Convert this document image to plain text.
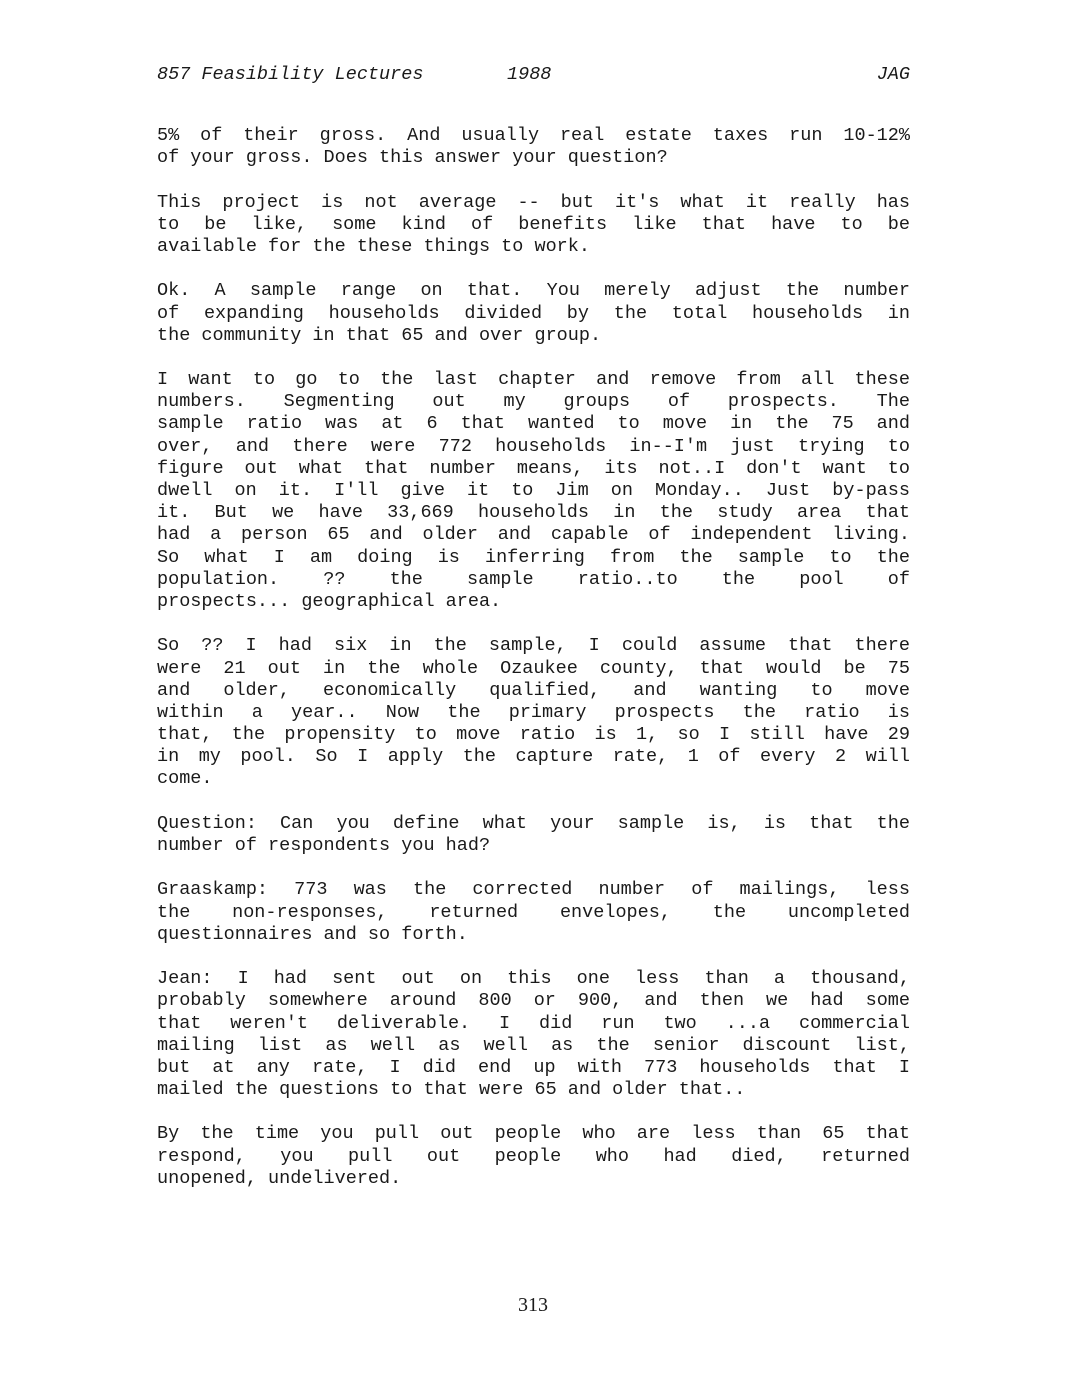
857 Feasibility Lectures	1988	JAG
5% of their gross. And usually real estate taxes run 10-12%
of your gross. Does this answer your question?
This project is not average -- but it's what it really has
to be like, some kind of benefits like that have to be
available for the these things to work.
Ok. A sample range on that. You merely adjust the number
of expanding households divided by the total households in
the community in that 65 and over group.
I want to go to the last chapter and remove from all these
numbers. Segmenting out my groups of prospects. The
sample ratio was at 6 that wanted to move in the 75 and
over, and there were 772 households in--I'm just trying to
figure out what that number means, its not..I don't want to
dwell on it. I'll give it to Jim on Monday.. Just by-pass
it. But we have 33,669 households in the study area that
had a person 65 and older and capable of independent living.
So what I am doing is inferring from the sample to the
population. ?? the sample ratio..to the pool of
prospects... geographical area.
So ?? I had six in the sample, I could assume that there
were 21 out in the whole Ozaukee county, that would be 75
and older, economically qualified, and wanting to move
within a year.. Now the primary prospects the ratio is
that, the propensity to move ratio is 1, so I still have 29
in my pool. So I apply the capture rate, 1 of every 2 will
come.
Question: Can you define what your sample is, is that the
number of respondents you had?
Graaskamp: 773 was the corrected number of mailings, less
the non-responses, returned envelopes, the uncompleted
questionnaires and so forth.
Jean: I had sent out on this one less than a thousand,
probably somewhere around 800 or 900, and then we had some
that weren't deliverable. I did run two ...a commercial
mailing list as well as well as the senior discount list,
but at any rate, I did end up with 773 households that I
mailed the questions to that were 65 and older that..
By the time you pull out people who are less than 65 that
respond, you pull out people who had died, returned
unopened, undelivered.
313
